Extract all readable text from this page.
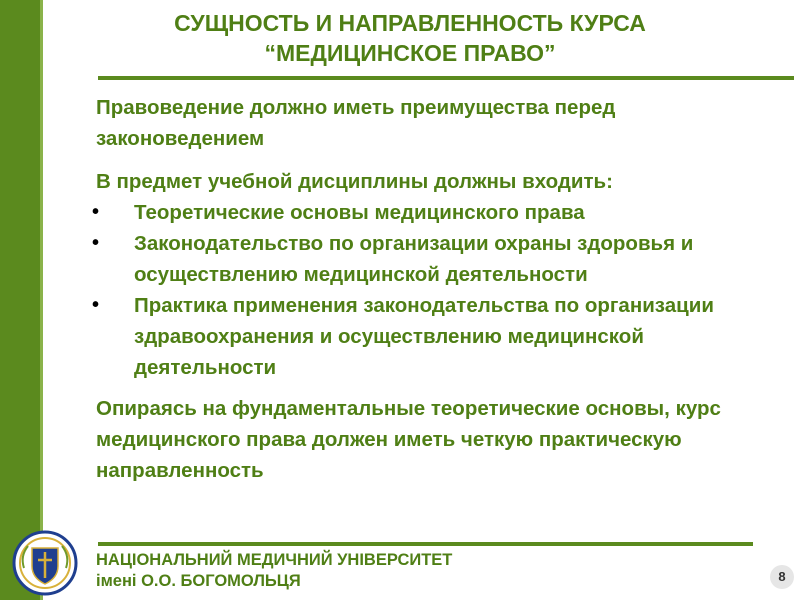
СУЩНОСТЬ И НАПРАВЛЕННОСТЬ КУРСА
“МЕДИЦИНСКОЕ ПРАВО”

Правоведение должно иметь преимущества перед законоведением

В предмет учебной дисциплины должны входить:

• Теоретические основы медицинского права
• Законодательство по организации охраны здоровья и осуществлению медицинской деятельности
• Практика применения законодательства по организации здравоохранения и осуществлению медицинской деятельности

Опираясь на фундаментальные теоретические основы, курс медицинского права должен иметь четкую практическую направленность

НАЦІОНАЛЬНИЙ МЕДИЧНИЙ УНІВЕРСИТЕТ
імені О.О. БОГОМОЛЬЦЯ	8
